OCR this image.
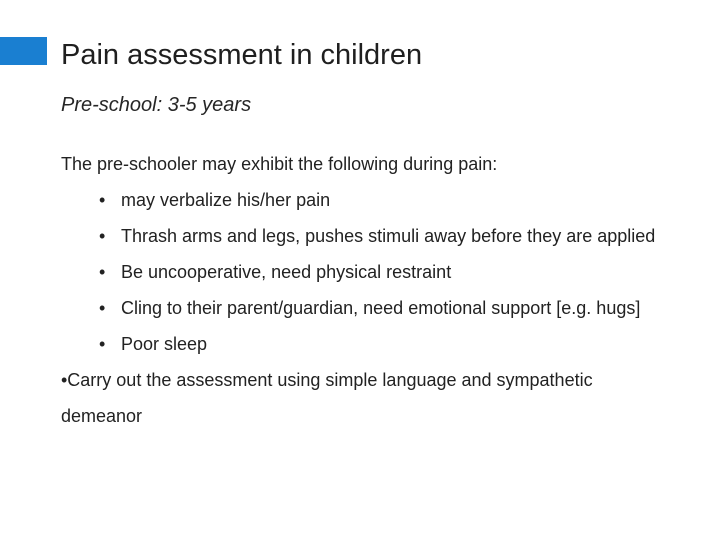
Pain assessment in children
Pre-school: 3-5 years
The pre-schooler may exhibit the following during pain:
• may verbalize his/her pain
• Thrash arms and legs, pushes stimuli away before they are applied
• Be uncooperative, need physical restraint
• Cling to their parent/guardian, need emotional support [e.g. hugs]
• Poor sleep
•Carry out the assessment using simple language and sympathetic demeanor
